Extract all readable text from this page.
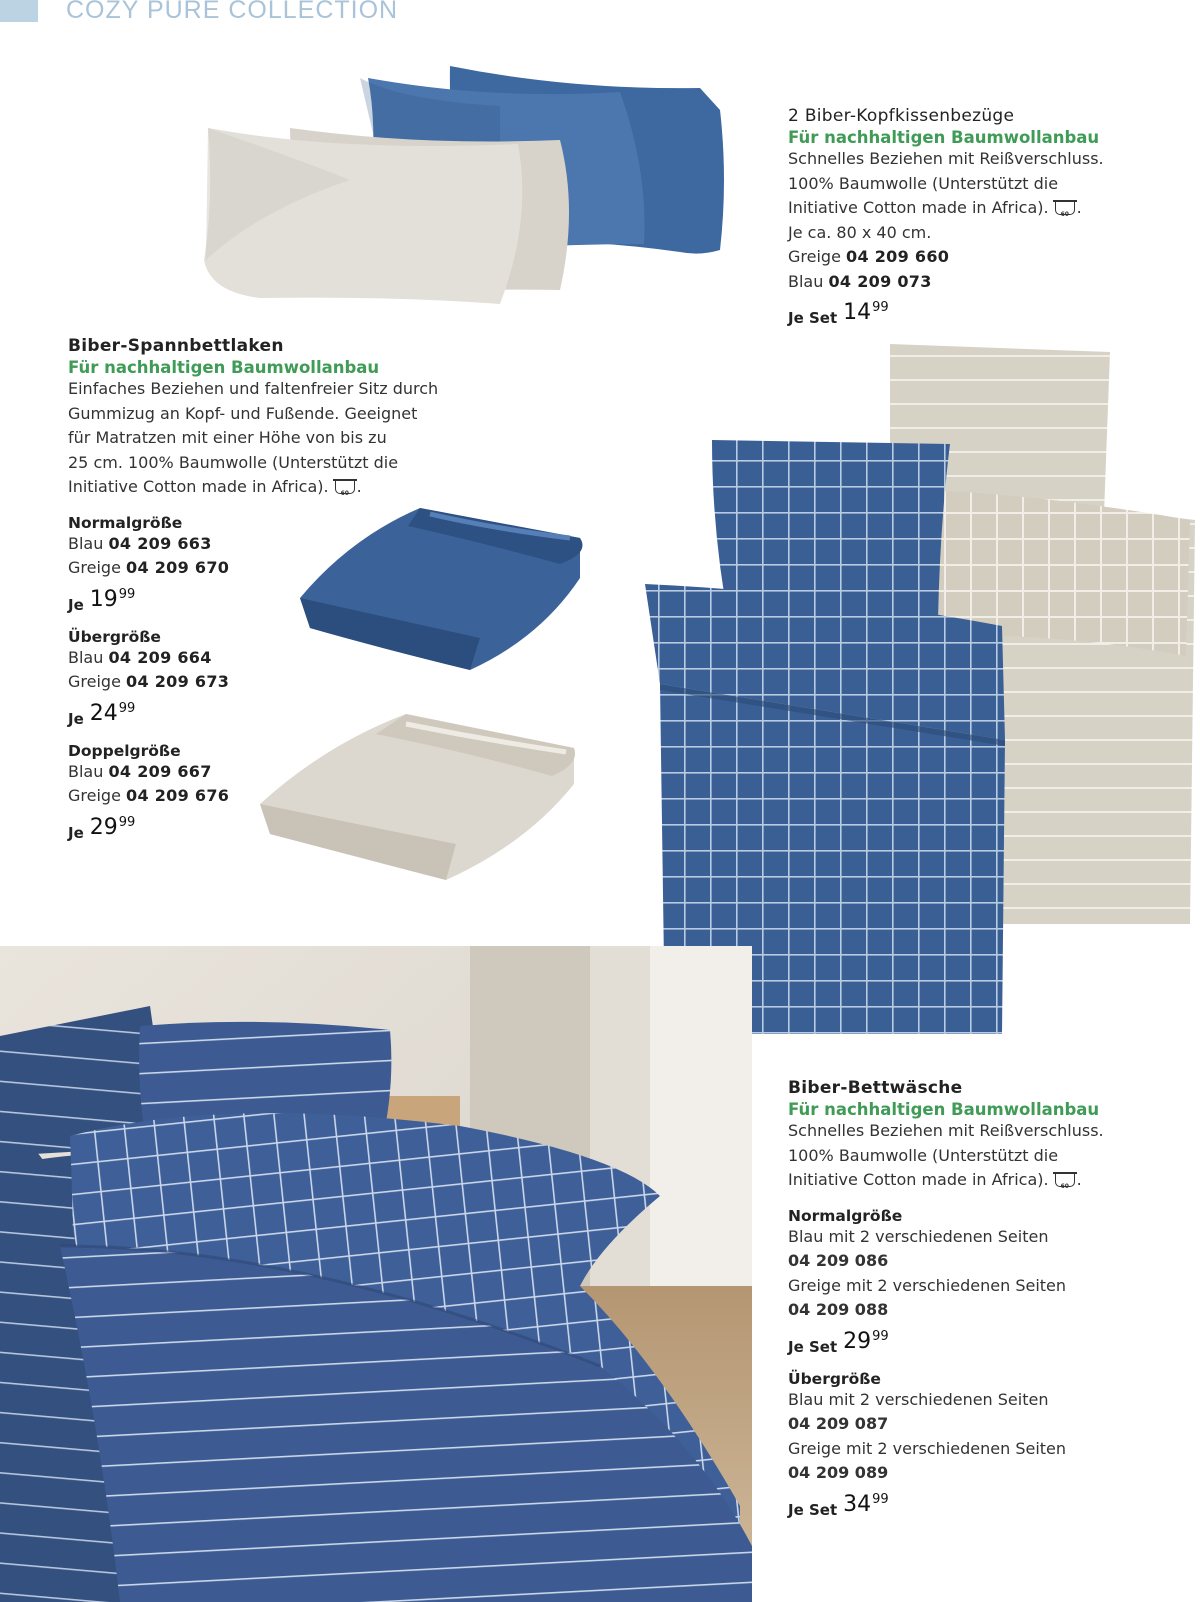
COZY PURE COLLECTION
2 Biber-Kopfkissenbezüge
Für nachhaltigen Baumwollanbau
Schnelles Beziehen mit Reißverschluss.
100% Baumwolle (Unterstützt die
Initiative Cotton made in Africa). 60 .
Je ca. 80 x 40 cm.
Greige 04 209 660
Blau 04 209 073
Je Set 14 99
Biber-Spannbettlaken
Für nachhaltigen Baumwollanbau
Einfaches Beziehen und faltenfreier Sitz durch
Gummizug an Kopf- und Fußende. Geeignet
für Matratzen mit einer Höhe von bis zu
25 cm. 100% Baumwolle (Unterstützt die
Initiative Cotton made in Africa). 60 .
Normalgröße
Blau 04 209 663
Greige 04 209 670
Je 19 99
Übergröße
Blau 04 209 664
Greige 04 209 673
Je 24 99
Doppelgröße
Blau 04 209 667
Greige 04 209 676
Je 29 99
Biber-Bettwäsche
Für nachhaltigen Baumwollanbau
Schnelles Beziehen mit Reißverschluss.
100% Baumwolle (Unterstützt die
Initiative Cotton made in Africa). 60 .
Normalgröße
Blau mit 2 verschiedenen Seiten
04 209 086
Greige mit 2 verschiedenen Seiten
04 209 088
Je Set 29 99
Übergröße
Blau mit 2 verschiedenen Seiten
04 209 087
Greige mit 2 verschiedenen Seiten
04 209 089
Je Set 34 99
